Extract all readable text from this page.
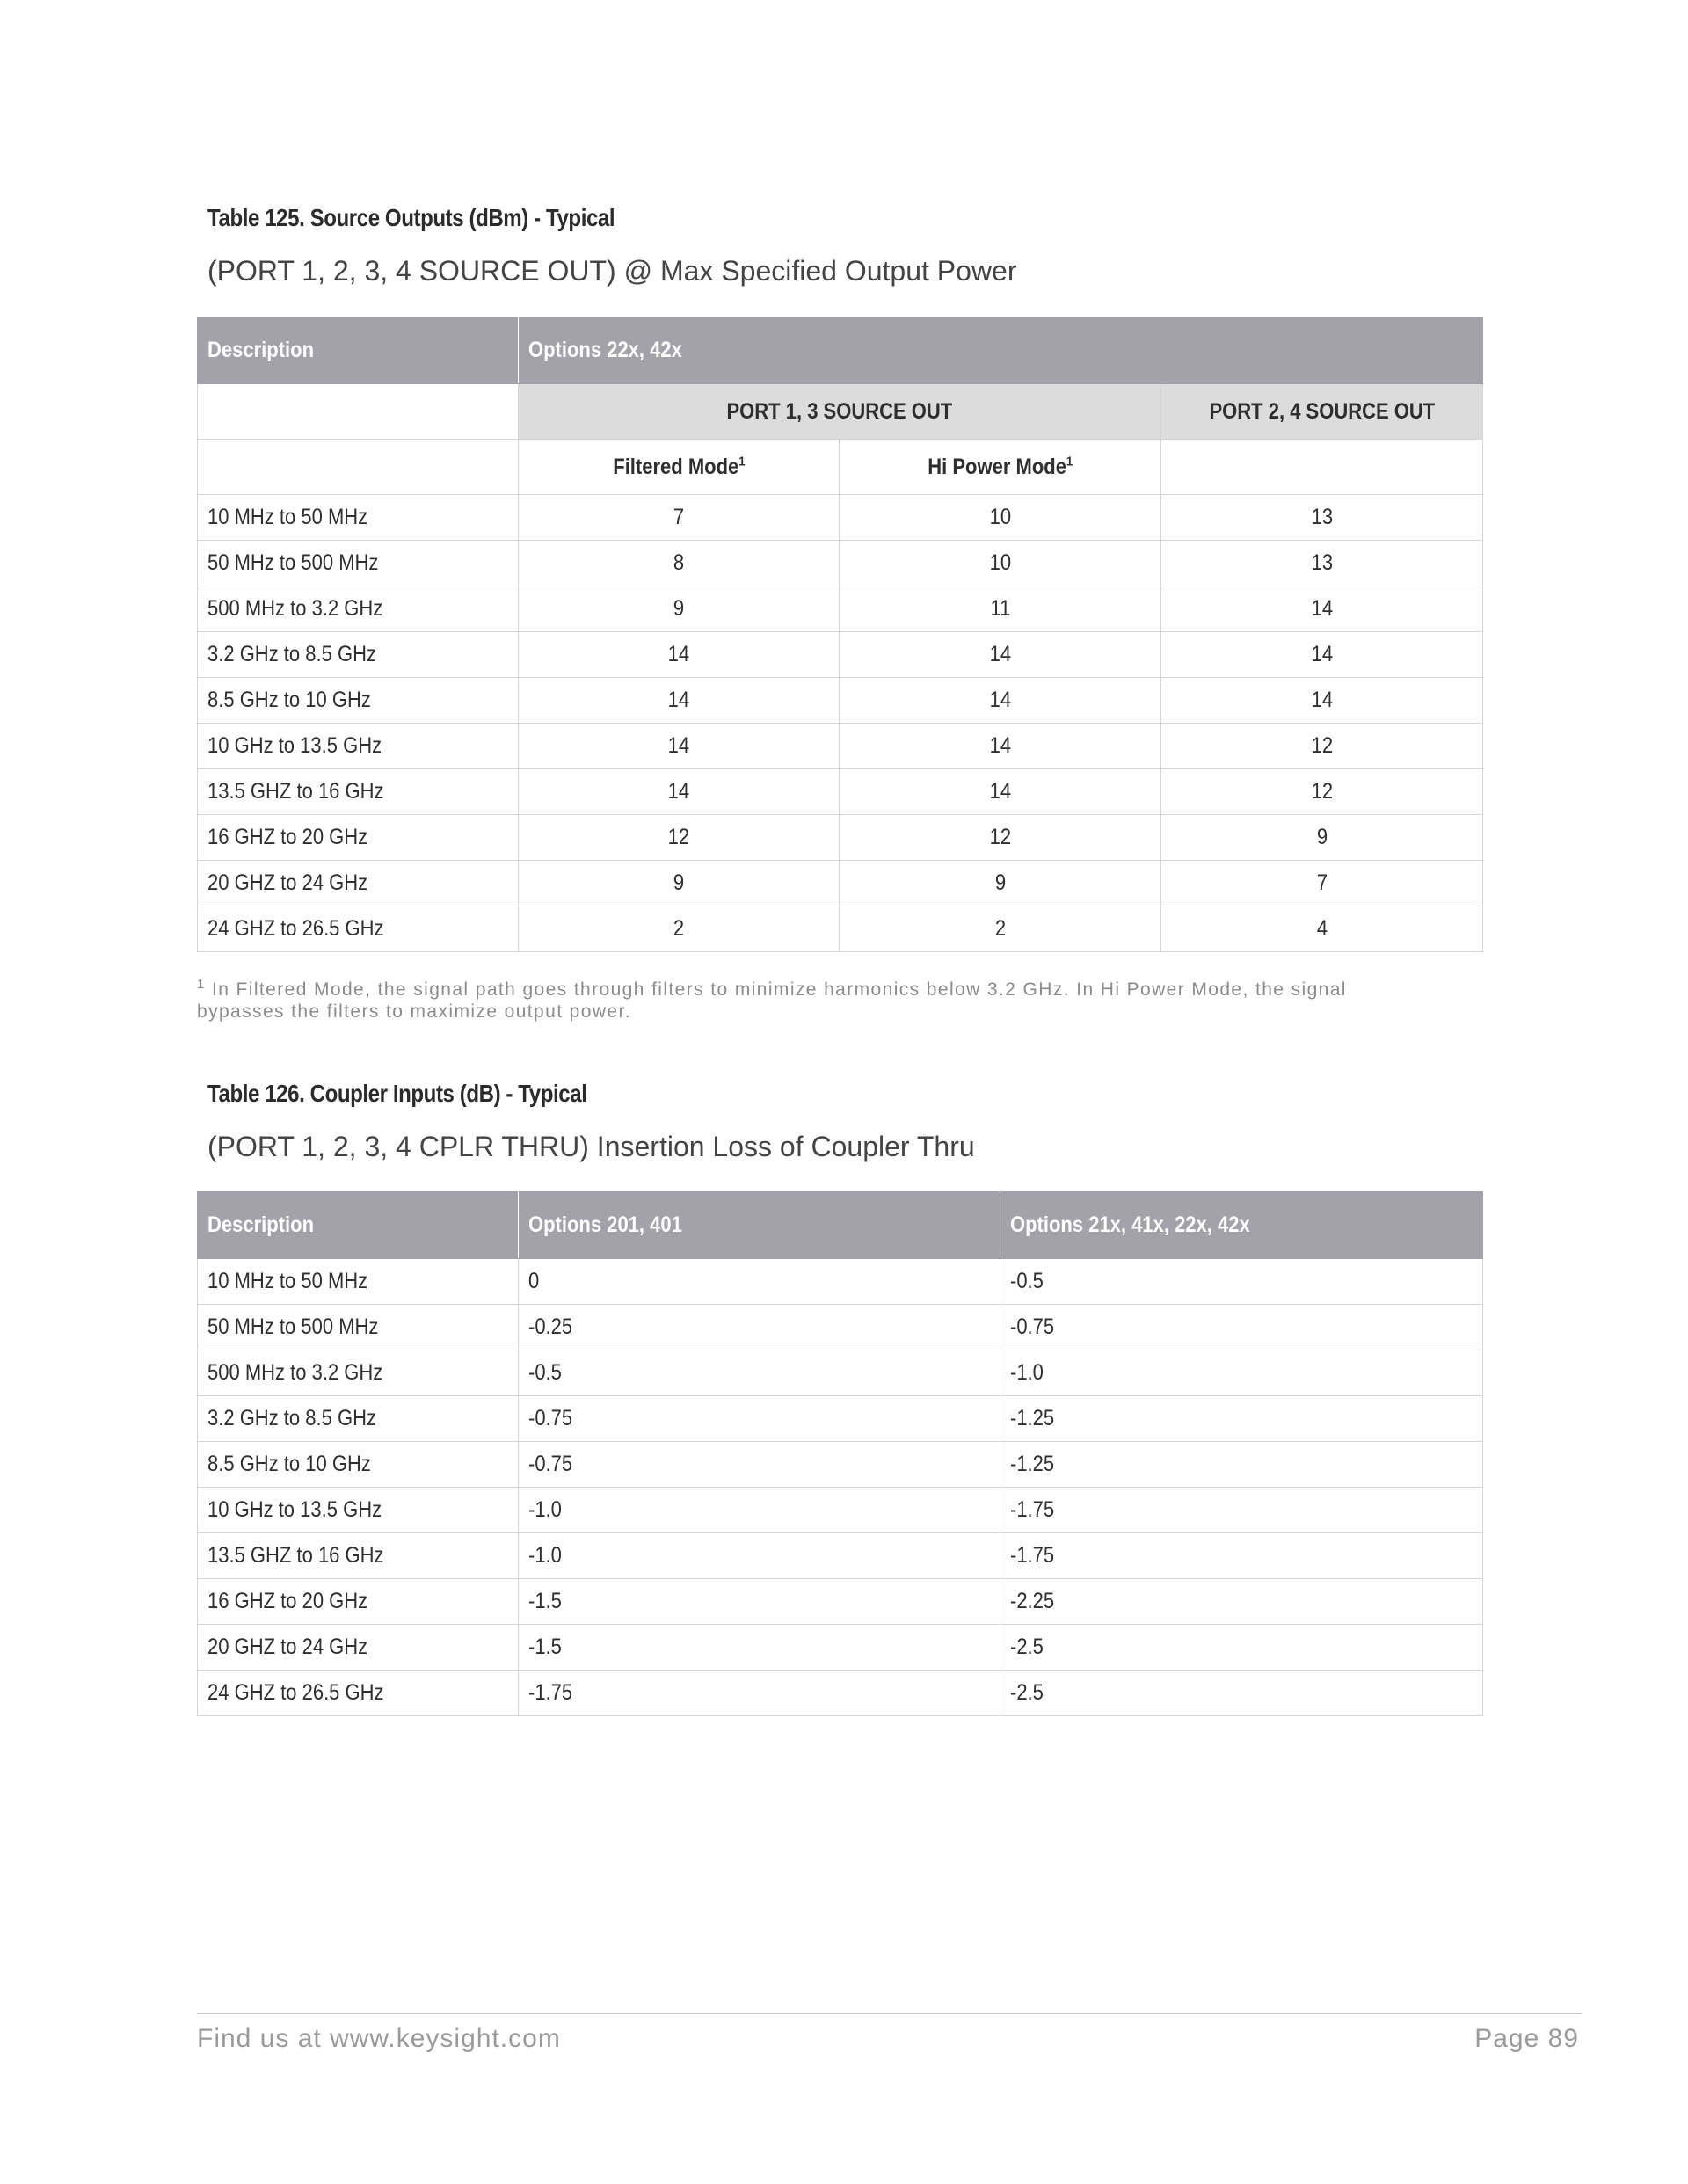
Table 125. Source Outputs (dBm) - Typical
(PORT 1, 2, 3, 4 SOURCE OUT) @ Max Specified Output Power
Description	Options 22x, 42x		
	PORT 1, 3 SOURCE OUT		PORT 2, 4 SOURCE OUT
	Filtered Mode$^1$	Hi Power Mode$^1$	
10 MHz to 50 MHz	7	10	13
50 MHz to 500 MHz	8	10	13
500 MHz to 3.2 GHz	9	11	14
3.2 GHz to 8.5 GHz	14	14	14
8.5 GHz to 10 GHz	14	14	14
10 GHz to 13.5 GHz	14	14	12
13.5 GHZ to 16 GHz	14	14	12
16 GHZ to 20 GHz	12	12	9
20 GHZ to 24 GHz	9	9	7
24 GHZ to 26.5 GHz	2	2	4
$^1$ In Filtered Mode, the signal path goes through filters to minimize harmonics below 3.2 GHz. In Hi Power Mode, the signal bypasses the filters to maximize output power.
Table 126. Coupler Inputs (dB) - Typical
(PORT 1, 2, 3, 4 CPLR THRU) Insertion Loss of Coupler Thru
Description	Options 201, 401	Options 21x, 41x, 22x, 42x
10 MHz to 50 MHz	0	-0.5
50 MHz to 500 MHz	-0.25	-0.75
500 MHz to 3.2 GHz	-0.5	-1.0
3.2 GHz to 8.5 GHz	-0.75	-1.25
8.5 GHz to 10 GHz	-0.75	-1.25
10 GHz to 13.5 GHz	-1.0	-1.75
13.5 GHZ to 16 GHz	-1.0	-1.75
16 GHZ to 20 GHz	-1.5	-2.25
20 GHZ to 24 GHz	-1.5	-2.5
24 GHZ to 26.5 GHz	-1.75	-2.5
Find us at www.keysight.com	Page 89
